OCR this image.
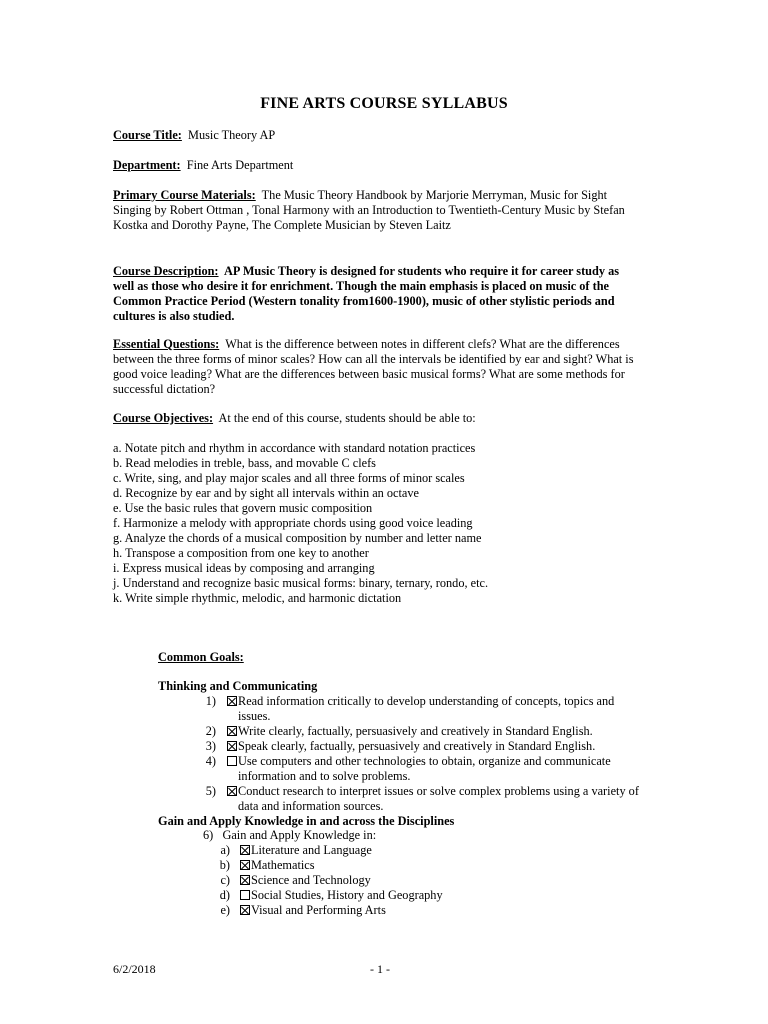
FINE ARTS COURSE SYLLABUS
Course Title: Music Theory AP
Department: Fine Arts Department
Primary Course Materials: The Music Theory Handbook by Marjorie Merryman, Music for Sight
Singing by Robert Ottman , Tonal Harmony with an Introduction to Twentieth-Century Music by Stefan
Kostka and Dorothy Payne, The Complete Musician by Steven Laitz
Course Description: AP Music Theory is designed for students who require it for career study as
well as those who desire it for enrichment. Though the main emphasis is placed on music of the
Common Practice Period (Western tonality from1600-1900), music of other stylistic periods and
cultures is also studied.
Essential Questions: What is the difference between notes in different clefs? What are the differences
between the three forms of minor scales? How can all the intervals be identified by ear and sight? What is
good voice leading? What are the differences between basic musical forms? What are some methods for
successful dictation?
Course Objectives: At the end of this course, students should be able to:
a. Notate pitch and rhythm in accordance with standard notation practices
b. Read melodies in treble, bass, and movable C clefs
c. Write, sing, and play major scales and all three forms of minor scales
d. Recognize by ear and by sight all intervals within an octave
e. Use the basic rules that govern music composition
f. Harmonize a melody with appropriate chords using good voice leading
g. Analyze the chords of a musical composition by number and letter name
h. Transpose a composition from one key to another
i. Express musical ideas by composing and arranging
j. Understand and recognize basic musical forms: binary, ternary, rondo, etc.
k. Write simple rhythmic, melodic, and harmonic dictation
Common Goals:
Thinking and Communicating
1) Read information critically to develop understanding of concepts, topics and
issues.
2) Write clearly, factually, persuasively and creatively in Standard English.
3) Speak clearly, factually, persuasively and creatively in Standard English.
4) Use computers and other technologies to obtain, organize and communicate
information and to solve problems.
5) Conduct research to interpret issues or solve complex problems using a variety of
data and information sources.
Gain and Apply Knowledge in and across the Disciplines
6)   Gain and Apply Knowledge in:
a) Literature and Language
b) Mathematics
c) Science and Technology
d) Social Studies, History and Geography
e) Visual and Performing Arts
6/2/2018	- 1 -
